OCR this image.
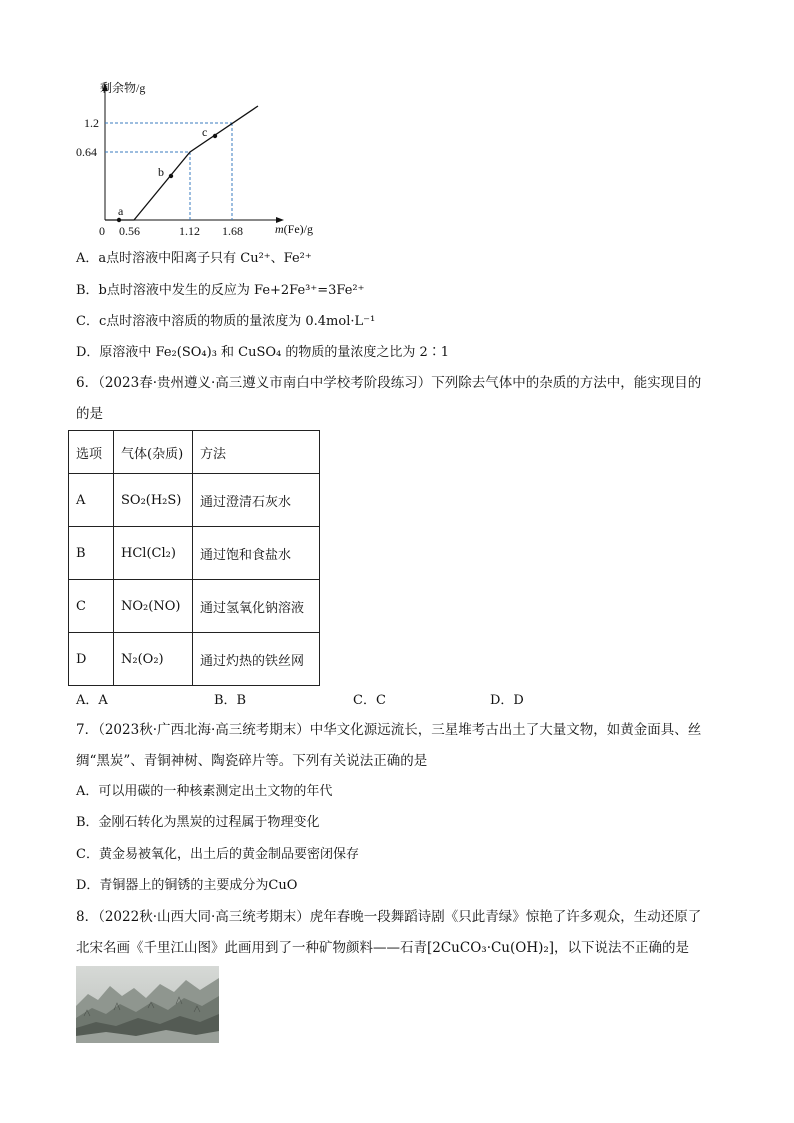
剩余物/g
1.2
0.64
0 0.56	1.12 1.68	m(Fe)/g
a
b
c
A．a点时溶液中阳离子只有 Cu²⁺、Fe²⁺
B．b点时溶液中发生的反应为 Fe+2Fe³⁺=3Fe²⁺
C．c点时溶液中溶质的物质的量浓度为 0.4mol·L⁻¹
D．原溶液中 Fe₂(SO₄)₃ 和 CuSO₄ 的物质的量浓度之比为 2∶1
6．（2023春·贵州遵义·高三遵义市南白中学校考阶段练习）下列除去气体中的杂质的方法中，能实现目的
的是
选项	气体(杂质)	方法
A	SO₂(H₂S)	通过澄清石灰水
B	HCl(Cl₂)	通过饱和食盐水
C	NO₂(NO)	通过氢氧化钠溶液
D	N₂(O₂)	通过灼热的铁丝网
A．A	B．B	C．C	D．D
7．（2023秋·广西北海·高三统考期末）中华文化源远流长，三星堆考古出土了大量文物，如黄金面具、丝
绸“黑炭”、青铜神树、陶瓷碎片等。下列有关说法正确的是
A．可以用碳的一种核素测定出土文物的年代
B．金刚石转化为黑炭的过程属于物理变化
C．黄金易被氧化，出土后的黄金制品要密闭保存
D．青铜器上的铜锈的主要成分为CuO
8．（2022秋·山西大同·高三统考期末）虎年春晚一段舞蹈诗剧《只此青绿》惊艳了许多观众，生动还原了
北宋名画《千里江山图》此画用到了一种矿物颜料——石青[2CuCO₃·Cu(OH)₂]，以下说法不正确的是
